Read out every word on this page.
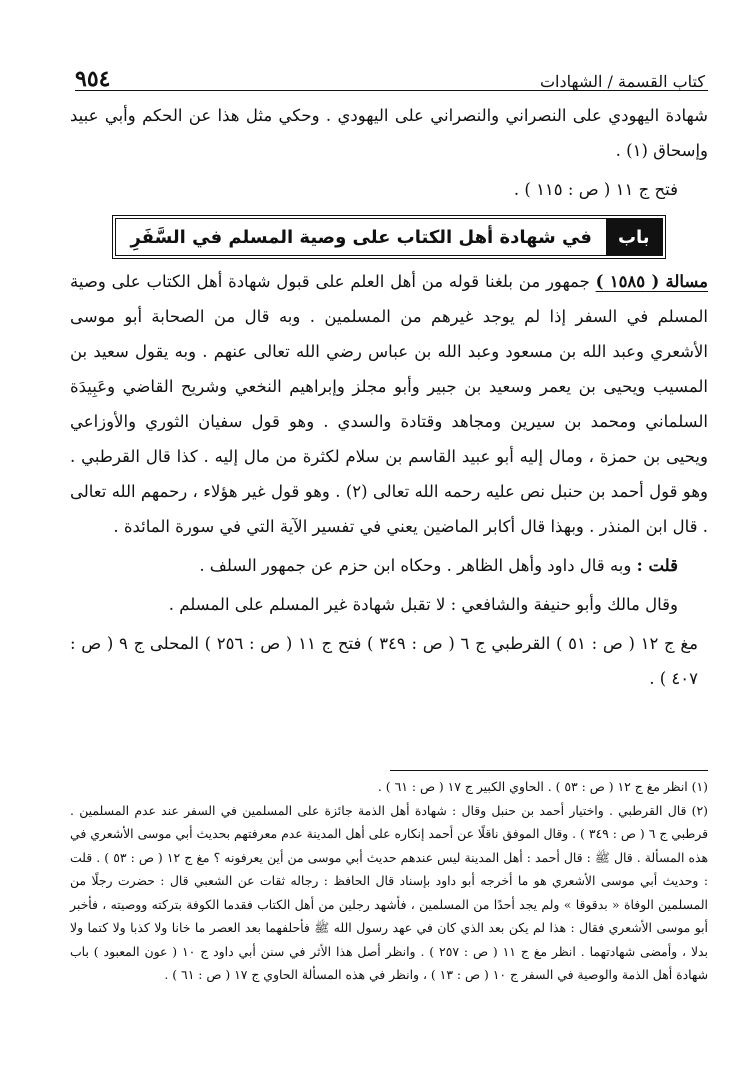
كتاب القسمة / الشهادات
٩٥٤

شهادة اليهودي على النصراني والنصراني على اليهودي . وحكي مثل هذا عن الحكم وأبي عبيد وإسحاق (١) .

فتح ج ١١ ( ص : ١١٥ ) .

باب
في شهادة أهل الكتاب على وصية المسلم في السَّفَرِ

مسالة ( ١٥٨٥ ) جمهور من بلغنا قوله من أهل العلم على قبول شهادة أهل الكتاب على وصية المسلم في السفر إذا لم يوجد غيرهم من المسلمين . وبه قال من الصحابة أبو موسى الأشعري وعبد الله بن مسعود وعبد الله بن عباس رضي الله تعالى عنهم . وبه يقول سعيد بن المسيب ويحيى بن يعمر وسعيد بن جبير وأبو مجلز وإبراهيم النخعي وشريح القاضي وعَبِيدَة السلماني ومحمد بن سيرين ومجاهد وقتادة والسدي . وهو قول سفيان الثوري والأوزاعي ويحيى بن حمزة ، ومال إليه أبو عبيد القاسم بن سلام لكثرة من مال إليه . كذا قال القرطبي . وهو قول أحمد بن حنبل نص عليه رحمه الله تعالى (٢) . وهو قول غير هؤلاء ، رحمهم الله تعالى . قال ابن المنذر . وبهذا قال أكابر الماضين يعني في تفسير الآية التي في سورة المائدة .

قلت : وبه قال داود وأهل الظاهر . وحكاه ابن حزم عن جمهور السلف .

وقال مالك وأبو حنيفة والشافعي : لا تقبل شهادة غير المسلم على المسلم .

مغ ج ١٢ ( ص : ٥١ ) القرطبي ج ٦ ( ص : ٣٤٩ ) فتح ج ١١ ( ص : ٢٥٦ ) المحلى ج ٩ ( ص : ٤٠٧ ) .

(١) انظر مغ ج ١٢ ( ص : ٥٣ ) . الحاوي الكبير ج ١٧ ( ص : ٦١ ) .

(٢) قال القرطبي . واختيار أحمد بن حنبل وقال : شهادة أهل الذمة جائزة على المسلمين في السفر عند عدم المسلمين . قرطبي ج ٦ ( ص : ٣٤٩ ) . وقال الموفق ناقلًا عن أحمد إنكاره على أهل المدينة عدم معرفتهم بحديث أبي موسى الأشعري في هذه المسألة . قال ﷺ : قال أحمد : أهل المدينة ليس عندهم حديث أبي موسى من أين يعرفونه ؟ مغ ج ١٢ ( ص : ٥٣ ) . قلت : وحديث أبي موسى الأشعري هو ما أخرجه أبو داود بإسناد قال الحافظ : رجاله ثقات عن الشعبي قال : حضرت رجلًا من المسلمين الوفاة « بدقوقا » ولم يجد أحدًا من المسلمين ، فأشهد رجلين من أهل الكتاب فقدما الكوفة بتركته ووصيته ، فأخبر أبو موسى الأشعري فقال : هذا لم يكن بعد الذي كان في عهد رسول الله ﷺ فأحلفهما بعد العصر ما خانا ولا كذبا ولا كتما ولا بدلا ، وأمضى شهادتهما . انظر مغ ج ١١ ( ص : ٢٥٧ ) . وانظر أصل هذا الأثر في سنن أبي داود ج ١٠ ( عون المعبود ) باب شهادة أهل الذمة والوصية في السفر ج ١٠ ( ص : ١٣ ) ، وانظر في هذه المسألة الحاوي ج ١٧ ( ص : ٦١ ) .
